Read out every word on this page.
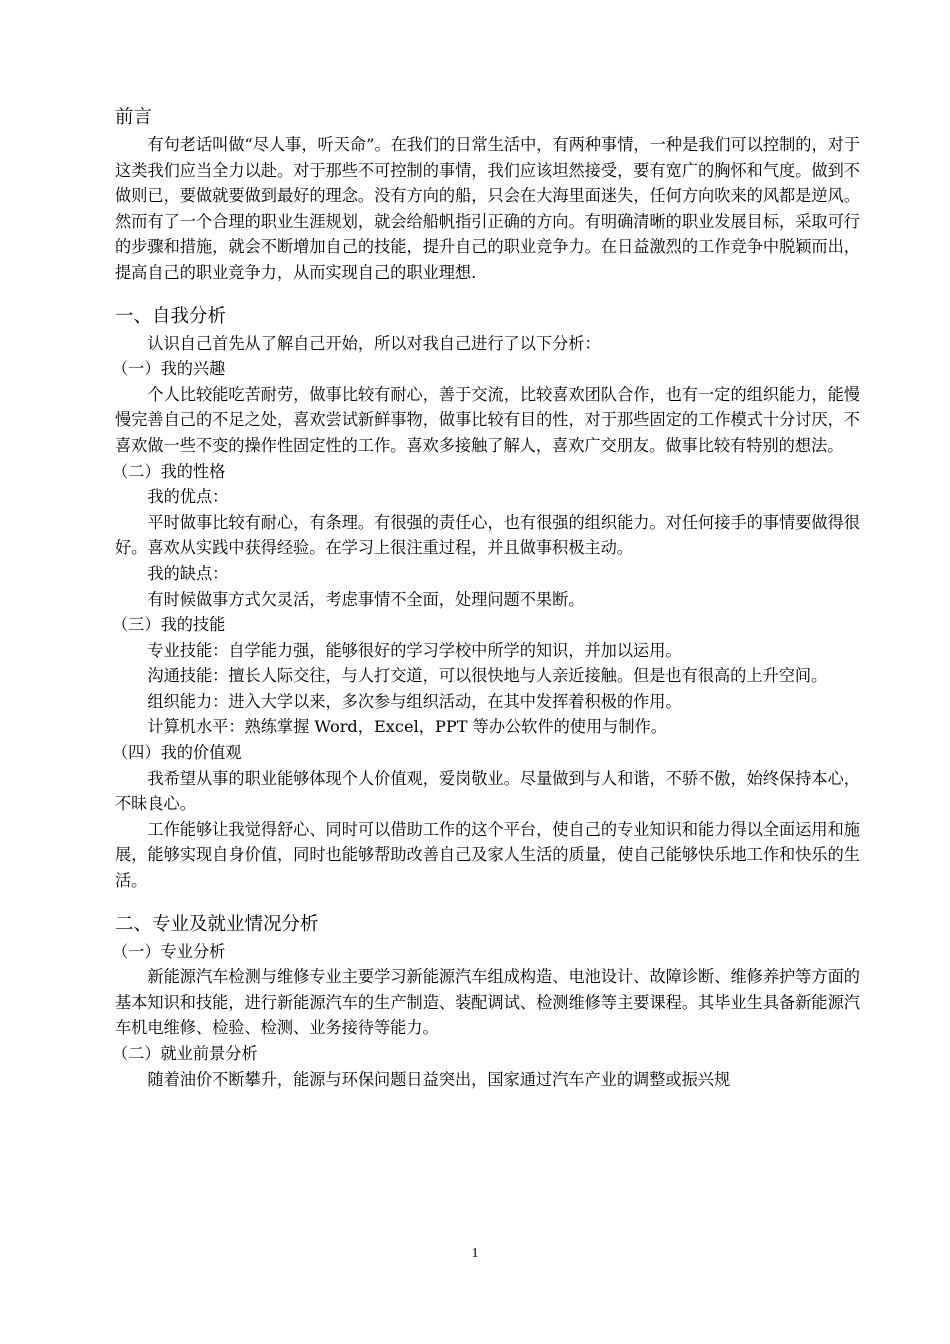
前言

有句老话叫做“尽人事，听天命”。在我们的日常生活中，有两种事情，一种是我们可以控制的，对于这类我们应当全力以赴。对于那些不可控制的事情，我们应该坦然接受，要有宽广的胸怀和气度。做到不做则已，要做就要做到最好的理念。没有方向的船，只会在大海里面迷失，任何方向吹来的风都是逆风。然而有了一个合理的职业生涯规划，就会给船帆指引正确的方向。有明确清晰的职业发展目标，采取可行的步骤和措施，就会不断增加自己的技能，提升自己的职业竞争力。在日益激烈的工作竞争中脱颖而出，提高自己的职业竞争力，从而实现自己的职业理想.

一、自我分析

认识自己首先从了解自己开始，所以对我自己进行了以下分析：

（一）我的兴趣

个人比较能吃苦耐劳，做事比较有耐心，善于交流，比较喜欢团队合作，也有一定的组织能力，能慢慢完善自己的不足之处，喜欢尝试新鲜事物，做事比较有目的性，对于那些固定的工作模式十分讨厌，不喜欢做一些不变的操作性固定性的工作。喜欢多接触了解人，喜欢广交朋友。做事比较有特别的想法。

（二）我的性格

我的优点：

平时做事比较有耐心，有条理。有很强的责任心，也有很强的组织能力。对任何接手的事情要做得很好。喜欢从实践中获得经验。在学习上很注重过程，并且做事积极主动。

我的缺点：

有时候做事方式欠灵活，考虑事情不全面，处理问题不果断。

（三）我的技能

专业技能：自学能力强，能够很好的学习学校中所学的知识，并加以运用。

沟通技能：擅长人际交往，与人打交道，可以很快地与人亲近接触。但是也有很高的上升空间。

组织能力：进入大学以来，多次参与组织活动，在其中发挥着积极的作用。

计算机水平：熟练掌握 Word，Excel，PPT 等办公软件的使用与制作。

（四）我的价值观

我希望从事的职业能够体现个人价值观，爱岗敬业。尽量做到与人和谐，不骄不傲，始终保持本心，不昧良心。

工作能够让我觉得舒心、同时可以借助工作的这个平台，使自己的专业知识和能力得以全面运用和施展，能够实现自身价值，同时也能够帮助改善自己及家人生活的质量，使自己能够快乐地工作和快乐的生活。

二、专业及就业情况分析
（一）专业分析

新能源汽车检测与维修专业主要学习新能源汽车组成构造、电池设计、故障诊断、维修养护等方面的基本知识和技能，进行新能源汽车的生产制造、装配调试、检测维修等主要课程。其毕业生具备新能源汽车机电维修、检验、检测、业务接待等能力。

（二）就业前景分析

随着油价不断攀升，能源与环保问题日益突出，国家通过汽车产业的调整或振兴规

1
